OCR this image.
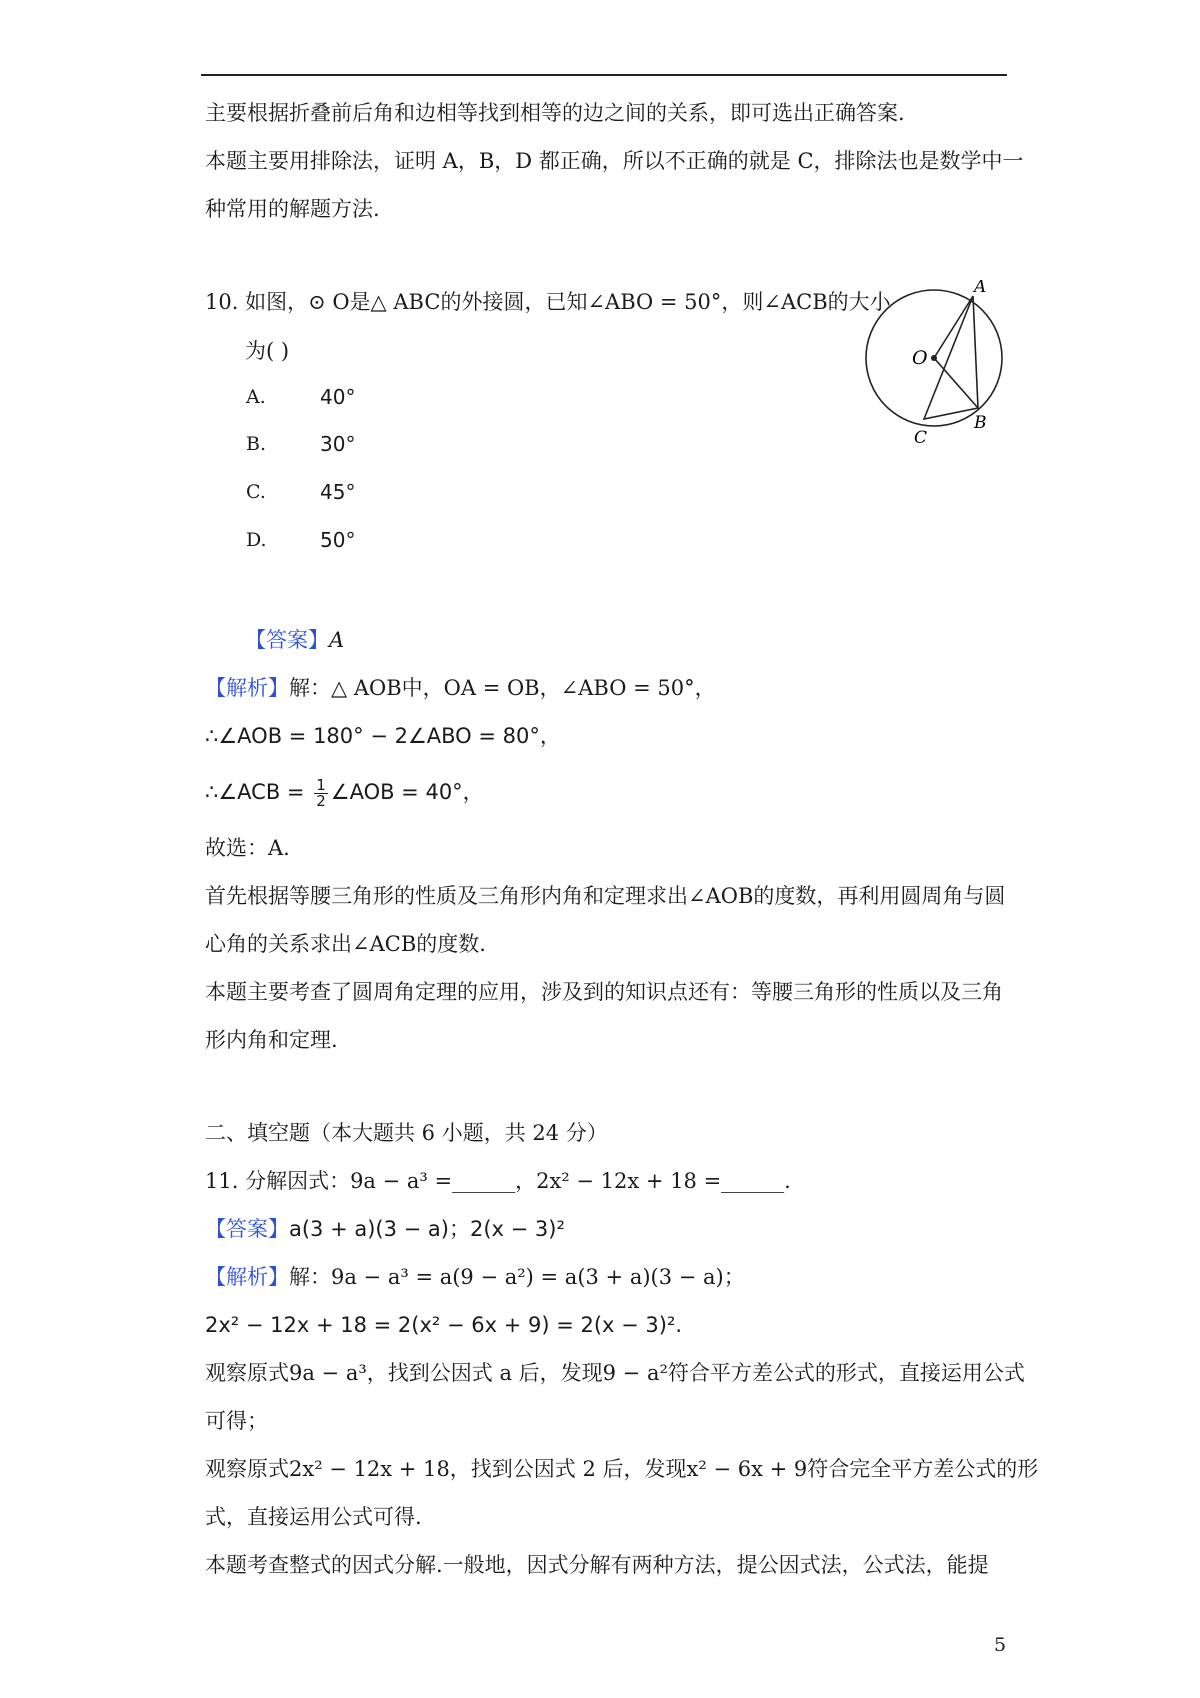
主要根据折叠前后角和边相等找到相等的边之间的关系，即可选出正确答案.
本题主要用排除法，证明 A，B，D 都正确，所以不正确的就是 C，排除法也是数学中一
种常用的解题方法.
10. 如图，⊙ O是△ ABC的外接圆，已知∠ABO = 50°，则∠ACB的大小
为( )
A.	40°
B.	30°
C.	45°
D.	50°
A
O
B
C
【答案】A
【解析】解：△ AOB中，OA = OB，∠ABO = 50°，
∴∠AOB = 180° − 2∠ABO = 80°，
∴∠ACB = $\frac{1}{2}$ ∠AOB = 40°，
故选：A.
首先根据等腰三角形的性质及三角形内角和定理求出∠AOB的度数，再利用圆周角与圆
心角的关系求出∠ACB的度数.
本题主要考查了圆周角定理的应用，涉及到的知识点还有：等腰三角形的性质以及三角
形内角和定理.
二、填空题（本大题共 6 小题，共 24 分）
11. 分解因式：9a − a³ =______，2x² − 12x + 18 =______.
【答案】a(3 + a)(3 − a)；2(x − 3)²
【解析】解：9a − a³ = a(9 − a²) = a(3 + a)(3 − a)；
2x² − 12x + 18 = 2(x² − 6x + 9) = 2(x − 3)².
观察原式9a − a³，找到公因式 a 后，发现9 − a²符合平方差公式的形式，直接运用公式
可得；
观察原式2x² − 12x + 18，找到公因式 2 后，发现x² − 6x + 9符合完全平方差公式的形
式，直接运用公式可得.
本题考查整式的因式分解.一般地，因式分解有两种方法，提公因式法，公式法，能提
5
